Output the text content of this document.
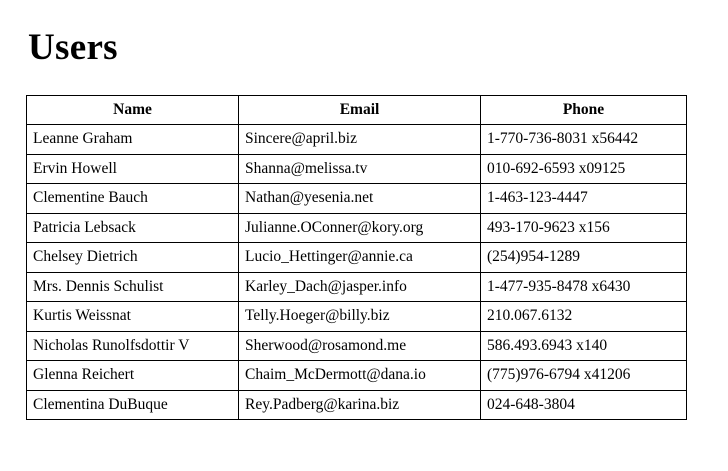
Users
Name	Email	Phone
Leanne Graham	Sincere@april.biz	1-770-736-8031 x56442
Ervin Howell	Shanna@melissa.tv	010-692-6593 x09125
Clementine Bauch	Nathan@yesenia.net	1-463-123-4447
Patricia Lebsack	Julianne.OConner@kory.org	493-170-9623 x156
Chelsey Dietrich	Lucio_Hettinger@annie.ca	(254)954-1289
Mrs. Dennis Schulist	Karley_Dach@jasper.info	1-477-935-8478 x6430
Kurtis Weissnat	Telly.Hoeger@billy.biz	210.067.6132
Nicholas Runolfsdottir V	Sherwood@rosamond.me	586.493.6943 x140
Glenna Reichert	Chaim_McDermott@dana.io	(775)976-6794 x41206
Clementina DuBuque	Rey.Padberg@karina.biz	024-648-3804
